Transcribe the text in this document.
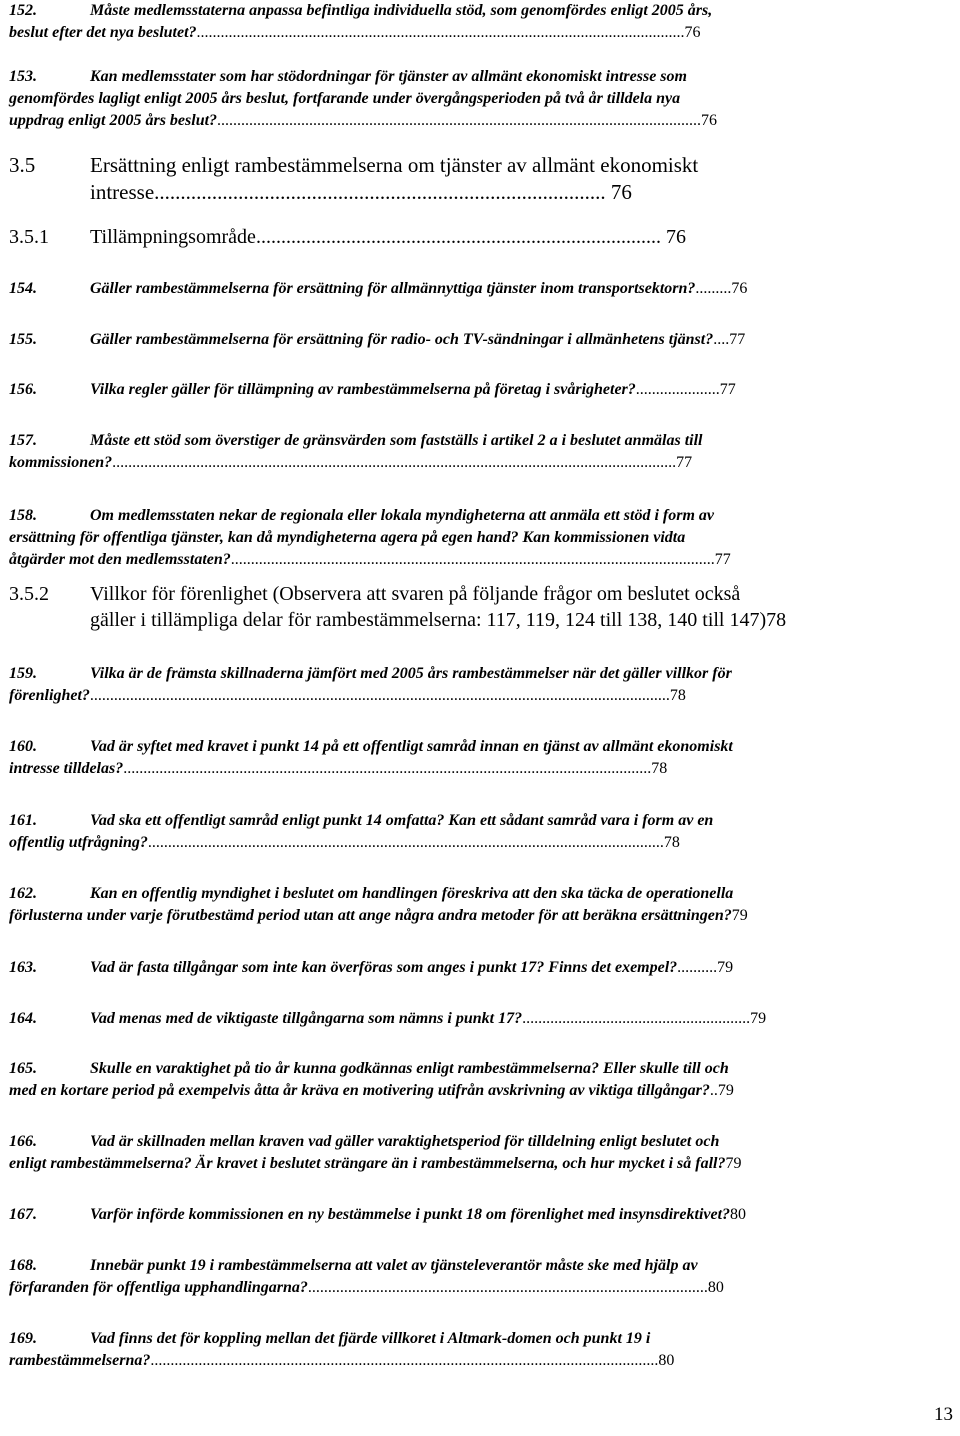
152.	Måste medlemsstaterna anpassa befintliga individuella stöd, som genomfördes enligt 2005 års,
beslut efter det nya beslutet?..........................................................................................................................76
153.	Kan medlemsstater som har stödordningar för tjänster av allmänt ekonomiskt intresse som
genomfördes lagligt enligt 2005 års beslut, fortfarande under övergångsperioden på två år tilldela nya
uppdrag enligt 2005 års beslut?.........................................................................................................................76
3.5	Ersättning enligt rambestämmelserna om tjänster av allmänt ekonomiskt
intresse...................................................................................... 76
3.5.1 Tillämpningsområde................................................................................. 76
154.	Gäller rambestämmelserna för ersättning för allmännyttiga tjänster inom transportsektorn?.........76
155.	Gäller rambestämmelserna för ersättning för radio- och TV-sändningar i allmänhetens tjänst?....77
156.	Vilka regler gäller för tillämpning av rambestämmelserna på företag i svårigheter?.....................77
157.	Måste ett stöd som överstiger de gränsvärden som fastställs i artikel 2 a i beslutet anmälas till
kommissionen?.............................................................................................................................................77
158.	Om medlemsstaten nekar de regionala eller lokala myndigheterna att anmäla ett stöd i form av
ersättning för offentliga tjänster, kan då myndigheterna agera på egen hand? Kan kommissionen vidta
åtgärder mot den medlemsstaten?.........................................................................................................................77
3.5.2 Villkor för förenlighet (Observera att svaren på följande frågor om beslutet också
gäller i tillämpliga delar för rambestämmelserna: 117, 119, 124 till 138, 140 till 147)78
159.	Vilka är de främsta skillnaderna jämfört med 2005 års rambestämmelser när det gäller villkor för
förenlighet?.................................................................................................................................................78
160.	Vad är syftet med kravet i punkt 14 på ett offentligt samråd innan en tjänst av allmänt ekonomiskt
intresse tilldelas?....................................................................................................................................78
161.	Vad ska ett offentligt samråd enligt punkt 14 omfatta? Kan ett sådant samråd vara i form av en
offentlig utfrågning?.................................................................................................................................78
162.	Kan en offentlig myndighet i beslutet om handlingen föreskriva att den ska täcka de operationella
förlusterna under varje förutbestämd period utan att ange några andra metoder för att beräkna ersättningen?79
163.	Vad är fasta tillgångar som inte kan överföras som anges i punkt 17? Finns det exempel?..........79
164.	Vad menas med de viktigaste tillgångarna som nämns i punkt 17?.........................................................79
165.	Skulle en varaktighet på tio år kunna godkännas enligt rambestämmelserna? Eller skulle till och
med en kortare period på exempelvis åtta år kräva en motivering utifrån avskrivning av viktiga tillgångar?..79
166.	Vad är skillnaden mellan kraven vad gäller varaktighetsperiod för tilldelning enligt beslutet och
enligt rambestämmelserna? Är kravet i beslutet strängare än i rambestämmelserna, och hur mycket i så fall?79
167.	Varför införde kommissionen en ny bestämmelse i punkt 18 om förenlighet med insynsdirektivet?80
168.	Innebär punkt 19 i rambestämmelserna att valet av tjänsteleverantör måste ske med hjälp av
förfaranden för offentliga upphandlingarna?....................................................................................................80
169.	Vad finns det för koppling mellan det fjärde villkoret i Altmark-domen och punkt 19 i
rambestämmelserna?...............................................................................................................................80
13
